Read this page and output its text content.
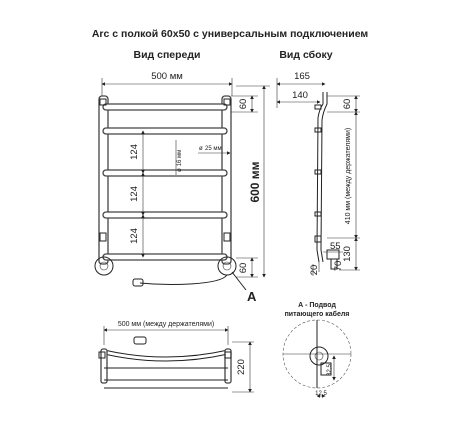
Arc с полкой 60x50 с универсальным подключением
Вид спереди
500 мм
124
124
124
16 мм
ø
ø 25 мм
60
60
600 мм
A
Вид сбоку
165
140
60
410 мм (между держателями)
130
55
20 70
500 мм (между держателями)
220
А - Подвод
питающего кабеля
32,5
12,5
